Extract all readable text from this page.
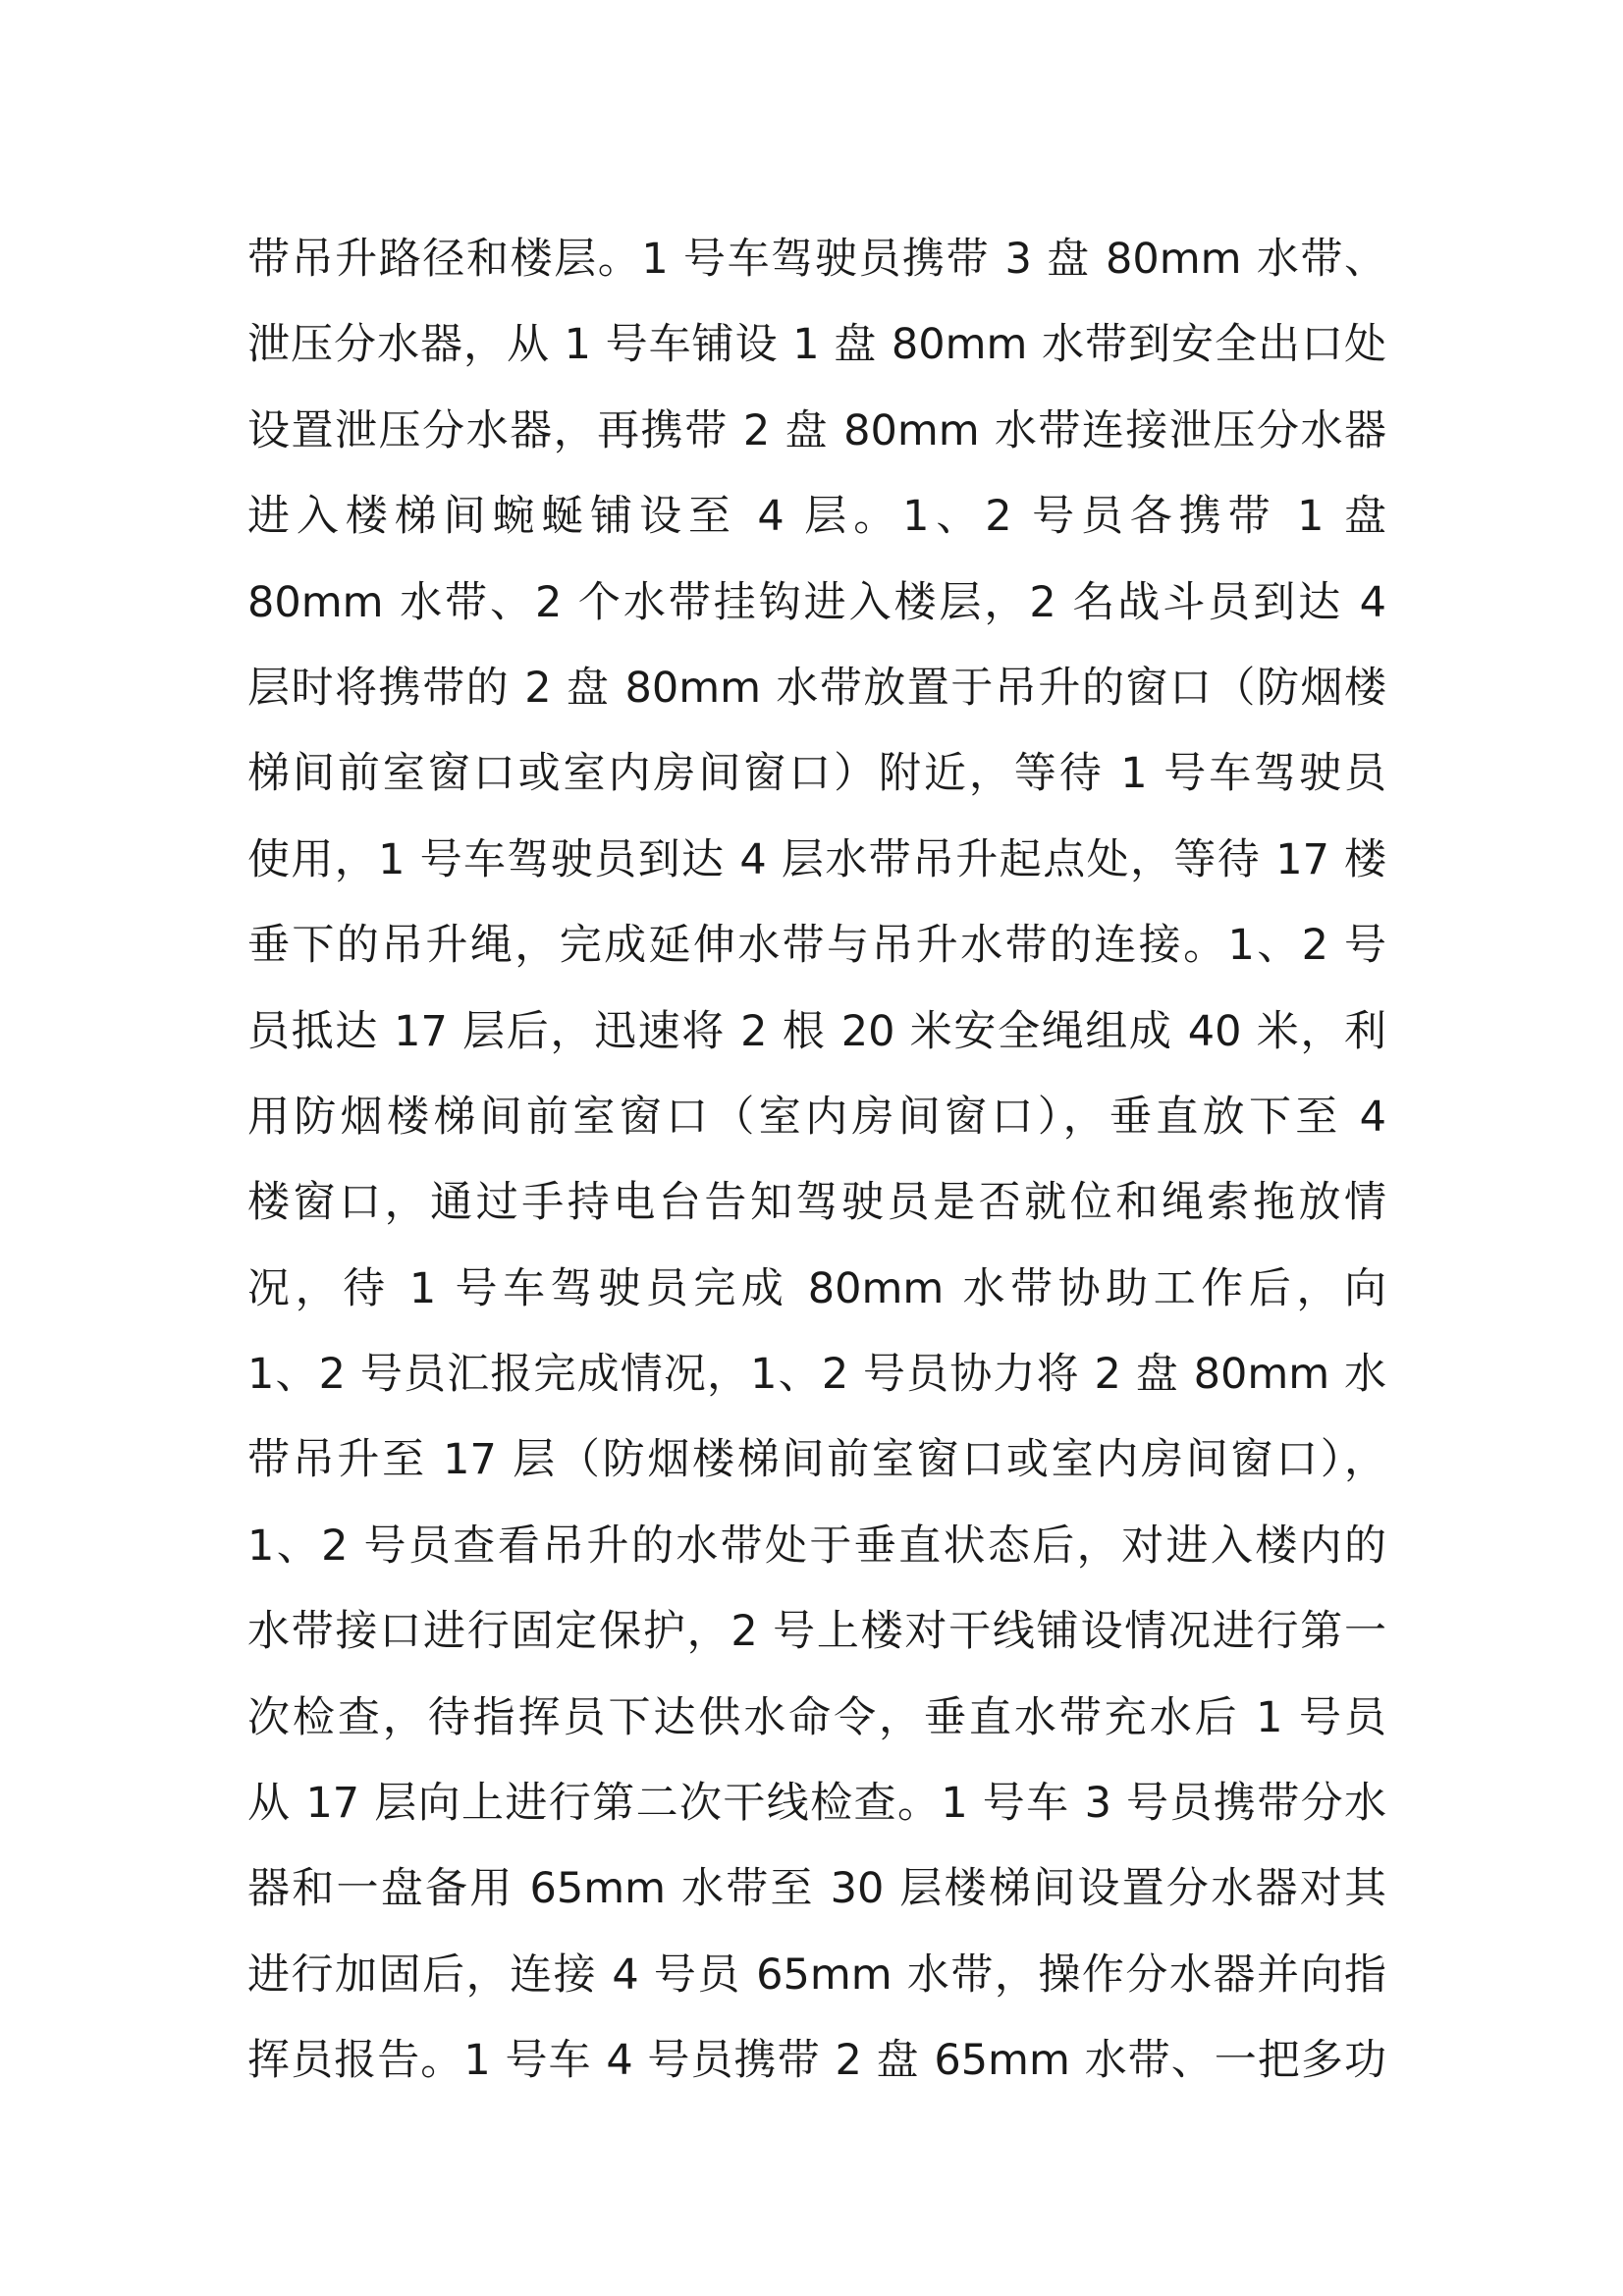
带吊升路径和楼层。1 号车驾驶员携带 3 盘 80mm 水带、
泄压分水器，从 1 号车铺设 1 盘 80mm 水带到安全出口处
设置泄压分水器，再携带 2 盘 80mm 水带连接泄压分水器
进入楼梯间蜿蜒铺设至 4 层。1、2 号员各携带 1 盘
80mm 水带、2 个水带挂钩进入楼层，2 名战斗员到达 4
层时将携带的 2 盘 80mm 水带放置于吊升的窗口（防烟楼
梯间前室窗口或室内房间窗口）附近，等待 1 号车驾驶员
使用，1 号车驾驶员到达 4 层水带吊升起点处，等待 17 楼
垂下的吊升绳，完成延伸水带与吊升水带的连接。1、2 号
员抵达 17 层后，迅速将 2 根 20 米安全绳组成 40 米，利
用防烟楼梯间前室窗口（室内房间窗口），垂直放下至 4
楼窗口，通过手持电台告知驾驶员是否就位和绳索拖放情
况，待 1 号车驾驶员完成 80mm 水带协助工作后，向
1、2 号员汇报完成情况，1、2 号员协力将 2 盘 80mm 水
带吊升至 17 层（防烟楼梯间前室窗口或室内房间窗口），
1、2 号员查看吊升的水带处于垂直状态后，对进入楼内的
水带接口进行固定保护，2 号上楼对干线铺设情况进行第一
次检查，待指挥员下达供水命令，垂直水带充水后 1 号员
从 17 层向上进行第二次干线检查。1 号车 3 号员携带分水
器和一盘备用 65mm 水带至 30 层楼梯间设置分水器对其
进行加固后，连接 4 号员 65mm 水带，操作分水器并向指
挥员报告。1 号车 4 号员携带 2 盘 65mm 水带、一把多功
